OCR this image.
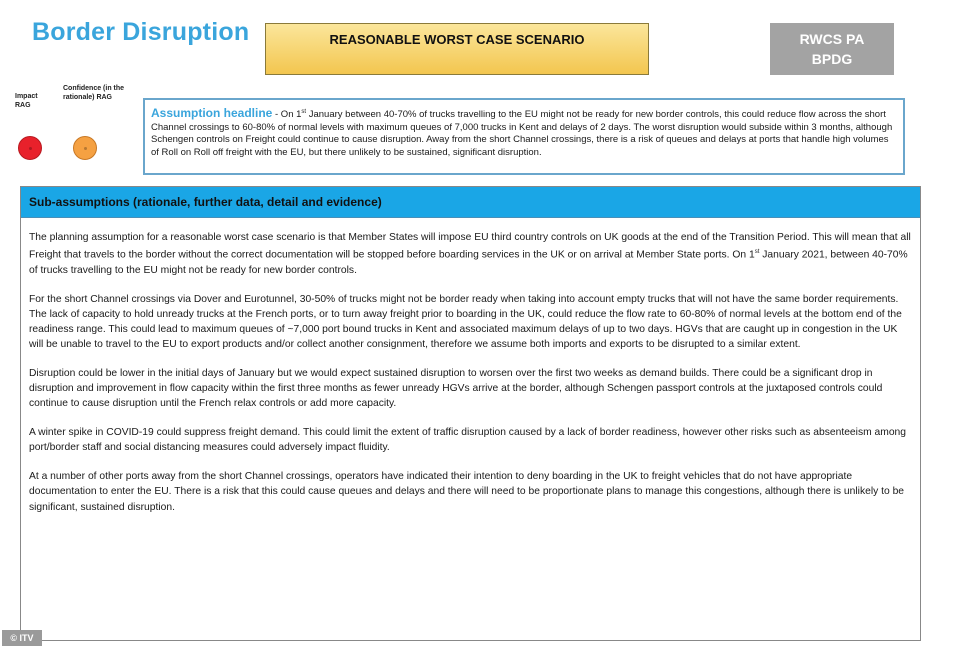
Border Disruption	REASONABLE WORST CASE SCENARIO	RWCS PA
BPDG
Impact RAG
Confidence (in the rationale) RAG
Assumption headline - On 1st January between 40-70% of trucks travelling to the EU might not be ready for new border controls, this could reduce flow across the short Channel crossings to 60-80% of normal levels with maximum queues of 7,000 trucks in Kent and delays of 2 days. The worst disruption would subside within 3 months, although Schengen controls on Freight could continue to cause disruption. Away from the short Channel crossings, there is a risk of queues and delays at ports that handle high volumes of Roll on Roll off freight with the EU, but there unlikely to be sustained, significant disruption.
Sub-assumptions (rationale, further data, detail and evidence)

The planning assumption for a reasonable worst case scenario is that Member States will impose EU third country controls on UK goods at the end of the Transition Period. This will mean that all Freight that travels to the border without the correct documentation will be stopped before boarding services in the UK or on arrival at Member State ports. On 1st January 2021, between 40-70% of trucks travelling to the EU might not be ready for new border controls.

For the short Channel crossings via Dover and Eurotunnel, 30-50% of trucks might not be border ready when taking into account empty trucks that will not have the same border requirements. The lack of capacity to hold unready trucks at the French ports, or to turn away freight prior to boarding in the UK, could reduce the flow rate to 60-80% of normal levels at the bottom end of the readiness range. This could lead to maximum queues of ~7,000 port bound trucks in Kent and associated maximum delays of up to two days. HGVs that are caught up in congestion in the UK will be unable to travel to the EU to export products and/or collect another consignment, therefore we assume both imports and exports to be disrupted to a similar extent.

Disruption could be lower in the initial days of January but we would expect sustained disruption to worsen over the first two weeks as demand builds. There could be a significant drop in disruption and improvement in flow capacity within the first three months as fewer unready HGVs arrive at the border, although Schengen passport controls at the juxtaposed controls could continue to cause disruption until the French relax controls or add more capacity.

A winter spike in COVID-19 could suppress freight demand. This could limit the extent of traffic disruption caused by a lack of border readiness, however other risks such as absenteeism among port/border staff and social distancing measures could adversely impact fluidity.

At a number of other ports away from the short Channel crossings, operators have indicated their intention to deny boarding in the UK to freight vehicles that do not have appropriate documentation to enter the EU. There is a risk that this could cause queues and delays and there will need to be proportionate plans to manage this congestions, although there is unlikely to be significant, sustained disruption.

© ITV
